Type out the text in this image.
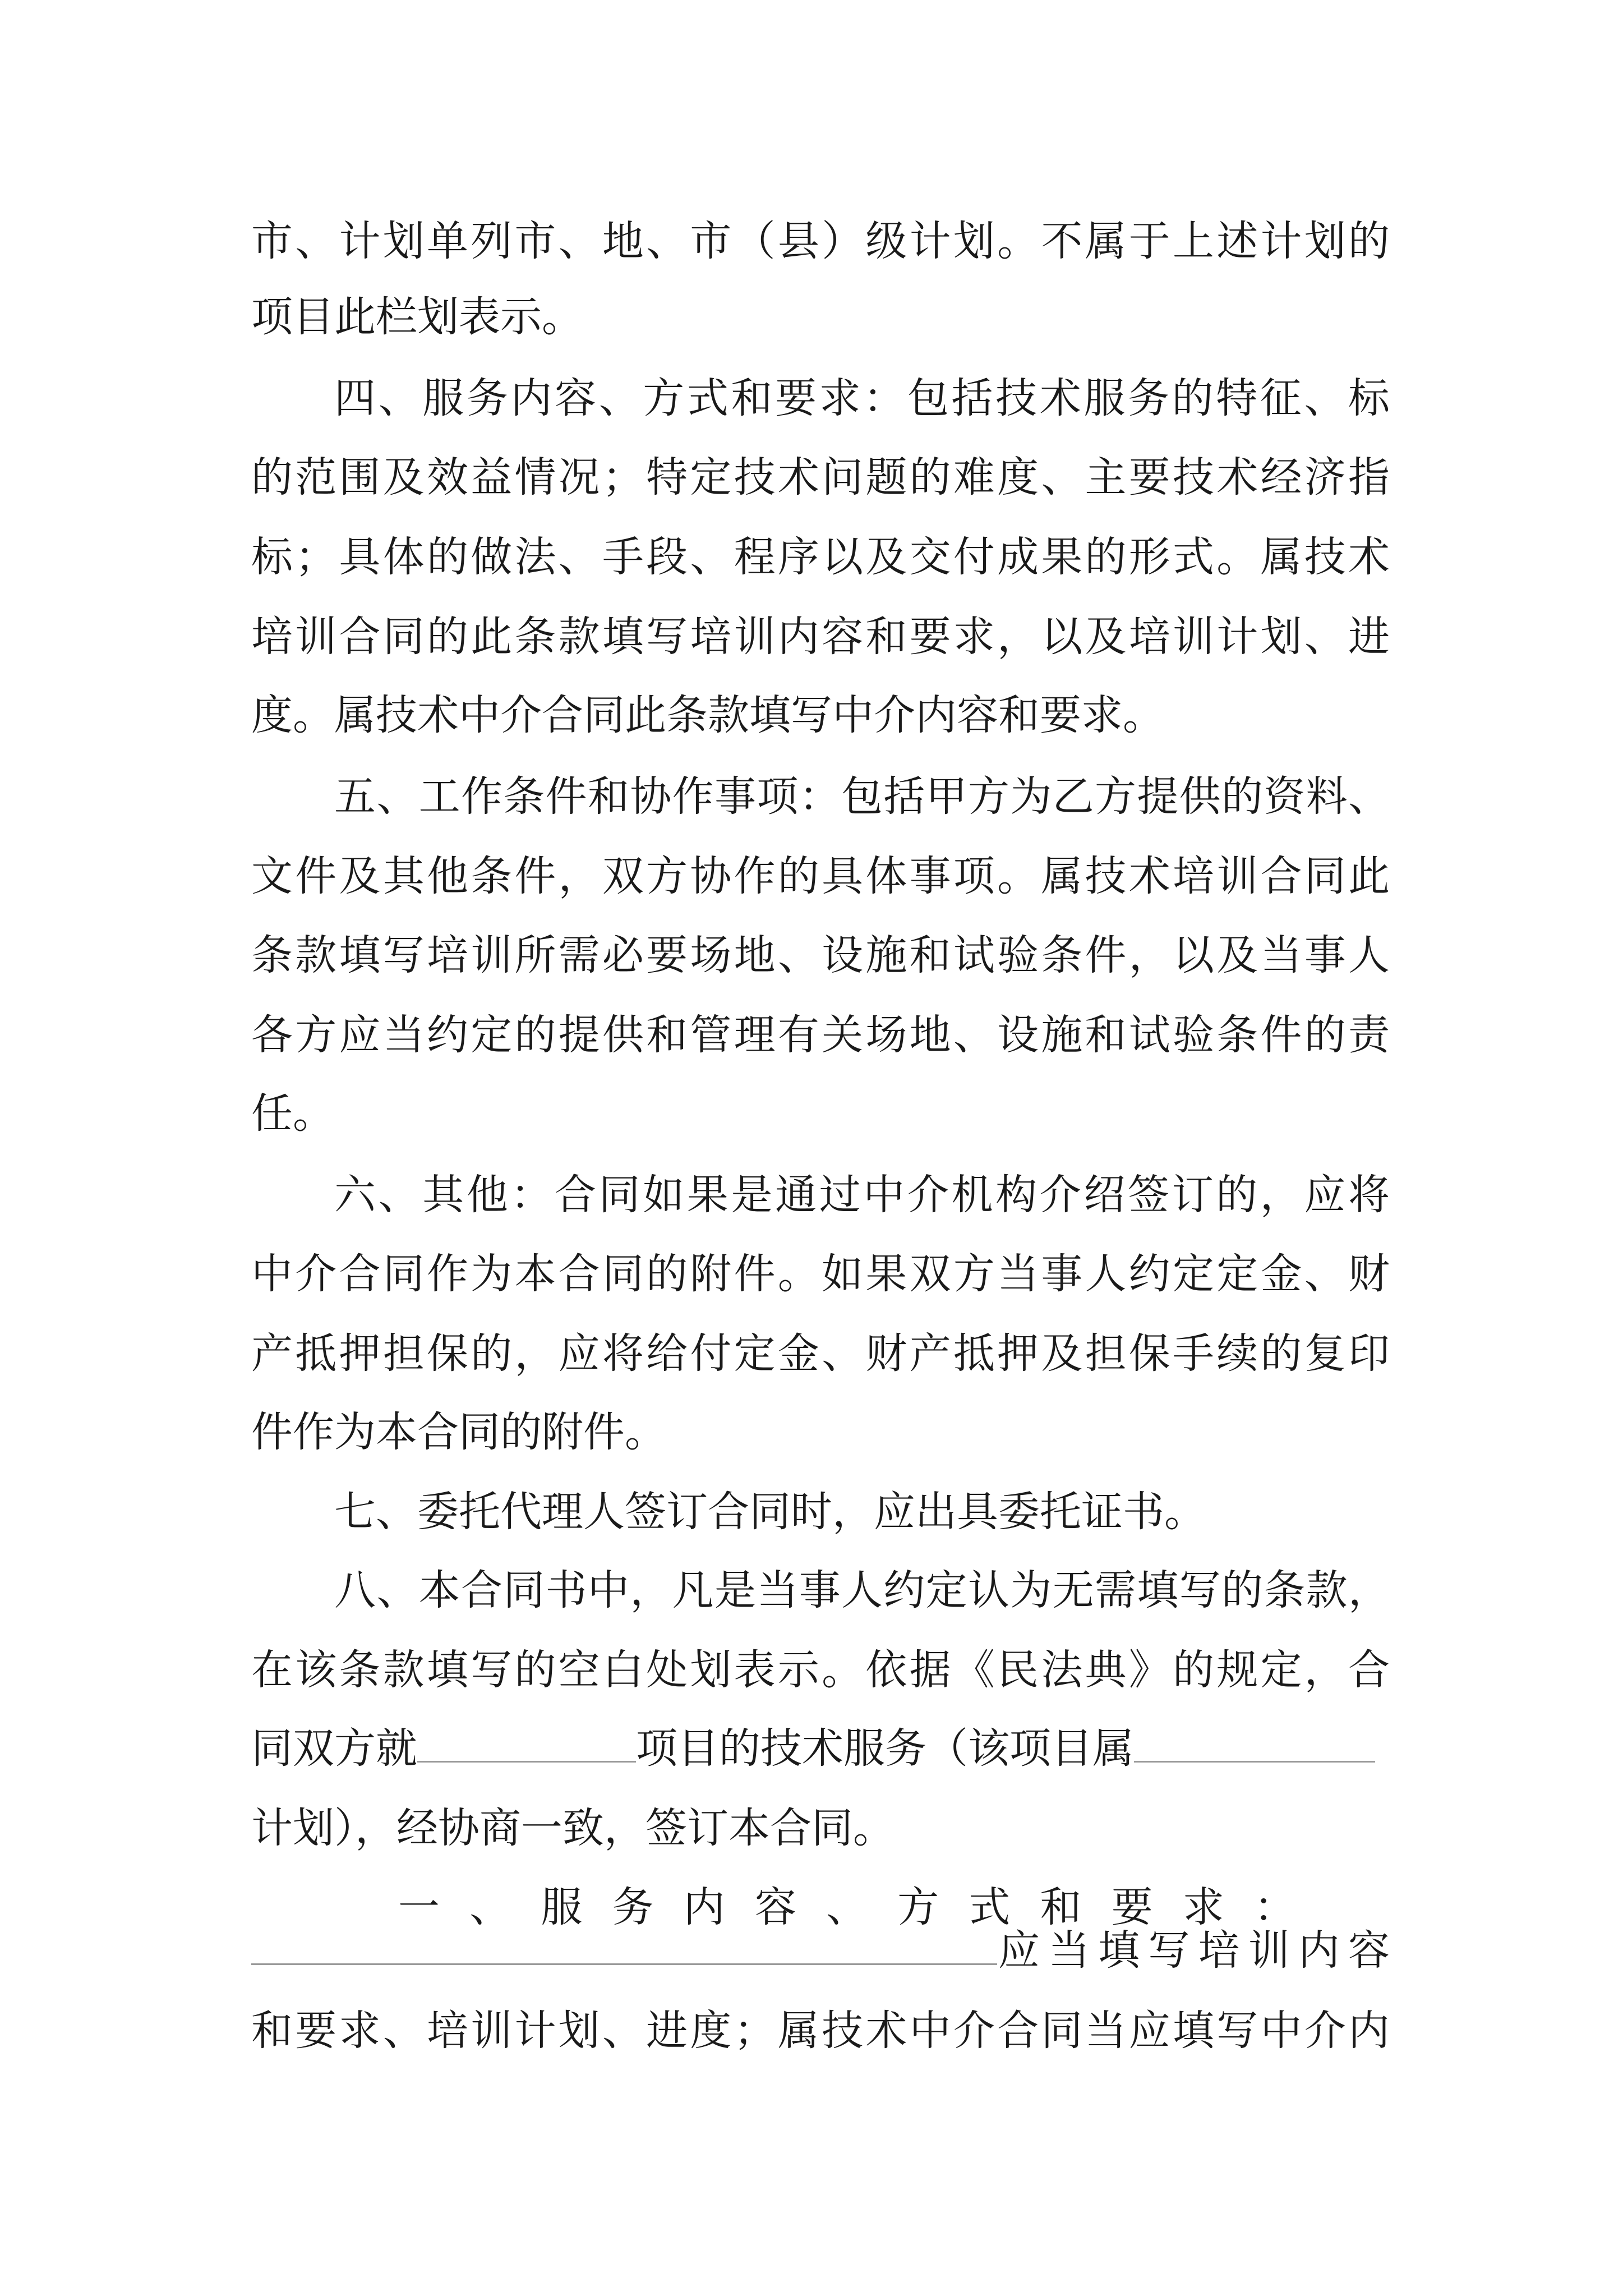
市、计划单列市、地、市（县）级计划。不属于上述计划的
项目此栏划表示。
四、服务内容、方式和要求：包括技术服务的特征、标
的范围及效益情况；特定技术问题的难度、主要技术经济指
标；具体的做法、手段、程序以及交付成果的形式。属技术
培训合同的此条款填写培训内容和要求，以及培训计划、进
度。属技术中介合同此条款填写中介内容和要求。
五、工作条件和协作事项：包括甲方为乙方提供的资料、
文件及其他条件，双方协作的具体事项。属技术培训合同此
条款填写培训所需必要场地、设施和试验条件，以及当事人
各方应当约定的提供和管理有关场地、设施和试验条件的责
任。
六、其他：合同如果是通过中介机构介绍签订的，应将
中介合同作为本合同的附件。如果双方当事人约定定金、财
产抵押担保的，应将给付定金、财产抵押及担保手续的复印
件作为本合同的附件。
七、委托代理人签订合同时，应出具委托证书。
八、本合同书中，凡是当事人约定认为无需填写的条款，
在该条款填写的空白处划表示。依据《民法典》的规定，合
同双方就	项目的技术服务（该项目属
计划），经协商一致，签订本合同。
一、服务内容、方式和要求：
应当填写培训内容
和要求、培训计划、进度；属技术中介合同当应填写中介内
